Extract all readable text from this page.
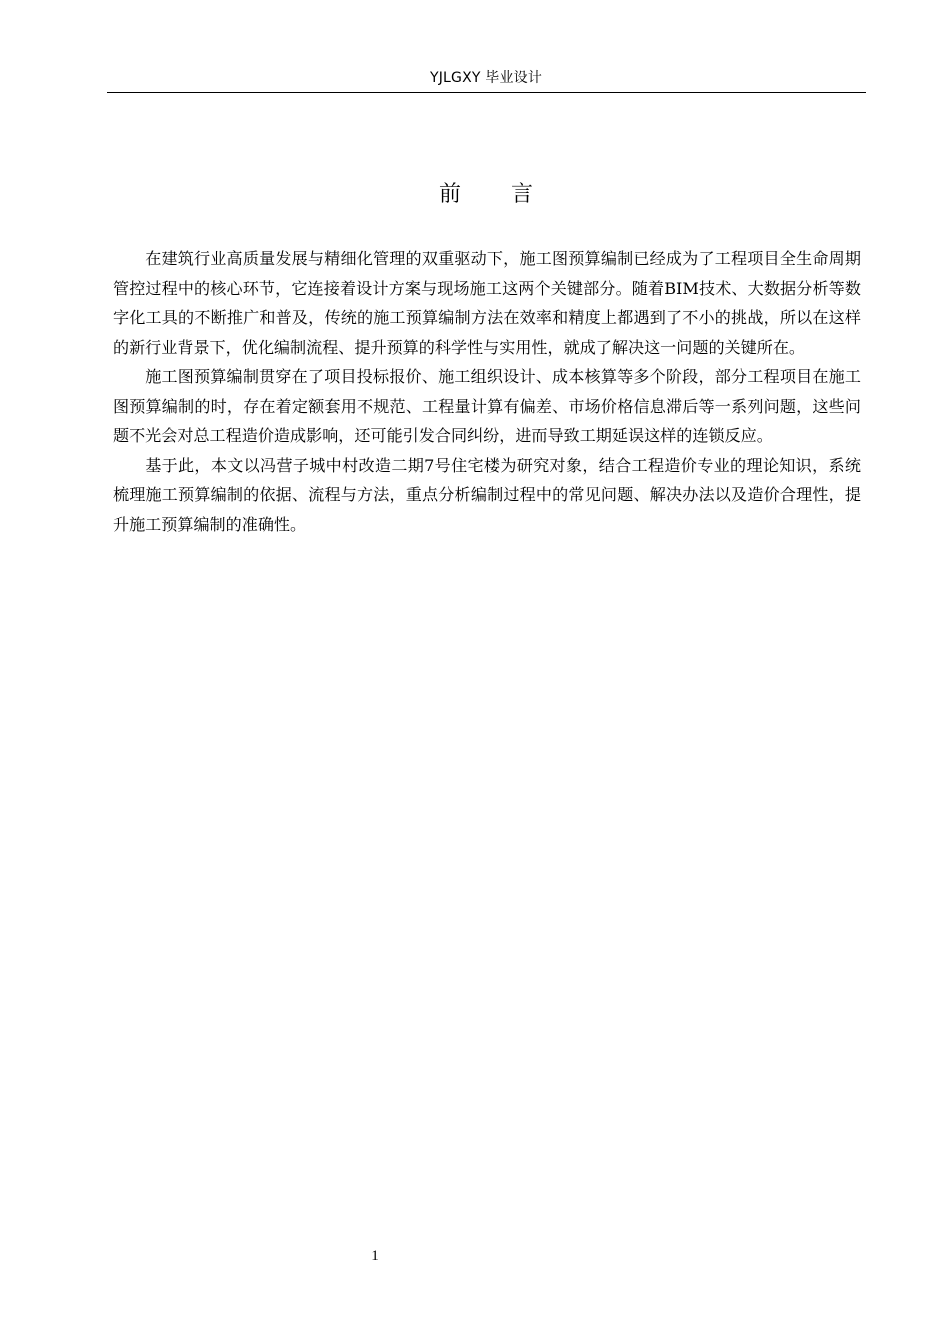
YJLGXY 毕业设计
前 言

在建筑行业高质量发展与精细化管理的双重驱动下，施工图预算编制已经成为了工程项目全生命周期管控过程中的核心环节，它连接着设计方案与现场施工这两个关键部分。随着BIM技术、大数据分析等数字化工具的不断推广和普及，传统的施工预算编制方法在效率和精度上都遇到了不小的挑战，所以在这样的新行业背景下，优化编制流程、提升预算的科学性与实用性，就成了解决这一问题的关键所在。

施工图预算编制贯穿在了项目投标报价、施工组织设计、成本核算等多个阶段，部分工程项目在施工图预算编制的时，存在着定额套用不规范、工程量计算有偏差、市场价格信息滞后等一系列问题，这些问题不光会对总工程造价造成影响，还可能引发合同纠纷，进而导致工期延误这样的连锁反应。

基于此，本文以冯营子城中村改造二期7号住宅楼为研究对象，结合工程造价专业的理论知识，系统梳理施工预算编制的依据、流程与方法，重点分析编制过程中的常见问题、解决办法以及造价合理性，提升施工预算编制的准确性。

1
